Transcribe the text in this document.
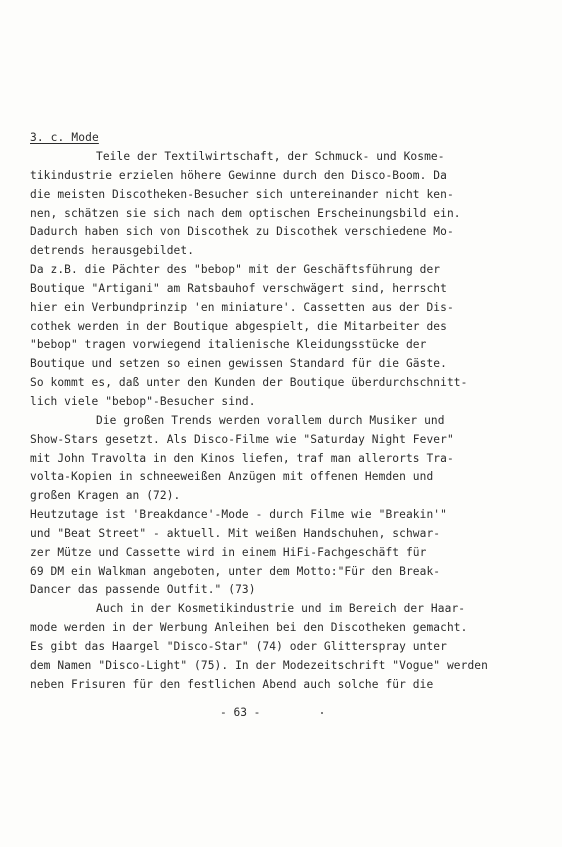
3. c. Mode
Teile der Textilwirtschaft, der Schmuck- und Kosme-
tikindustrie erzielen höhere Gewinne durch den Disco-Boom. Da
die meisten Discotheken-Besucher sich untereinander nicht ken-
nen, schätzen sie sich nach dem optischen Erscheinungsbild ein.
Dadurch haben sich von Discothek zu Discothek verschiedene Mo-
detrends herausgebildet.
Da z.B. die Pächter des "bebop" mit der Geschäftsführung der
Boutique "Artigani" am Ratsbauhof verschwägert sind, herrscht
hier ein Verbundprinzip 'en miniature'. Cassetten aus der Dis-
cothek werden in der Boutique abgespielt, die Mitarbeiter des
"bebop" tragen vorwiegend italienische Kleidungsstücke der
Boutique und setzen so einen gewissen Standard für die Gäste.
So kommt es, daß unter den Kunden der Boutique überdurchschnitt-
lich viele "bebop"-Besucher sind.
Die großen Trends werden vorallem durch Musiker und
Show-Stars gesetzt. Als Disco-Filme wie "Saturday Night Fever"
mit John Travolta in den Kinos liefen, traf man allerorts Tra-
volta-Kopien in schneeweißen Anzügen mit offenen Hemden und
großen Kragen an (72).
Heutzutage ist 'Breakdance'-Mode - durch Filme wie "Breakin'"
und "Beat Street" - aktuell. Mit weißen Handschuhen, schwar-
zer Mütze und Cassette wird in einem HiFi-Fachgeschäft für
69 DM ein Walkman angeboten, unter dem Motto:"Für den Break-
Dancer das passende Outfit." (73)
Auch in der Kosmetikindustrie und im Bereich der Haar-
mode werden in der Werbung Anleihen bei den Discotheken gemacht.
Es gibt das Haargel "Disco-Star" (74) oder Glitterspray unter
dem Namen "Disco-Light" (75). In der Modezeitschrift "Vogue" werden
neben Frisuren für den festlichen Abend auch solche für die
- 63 -
